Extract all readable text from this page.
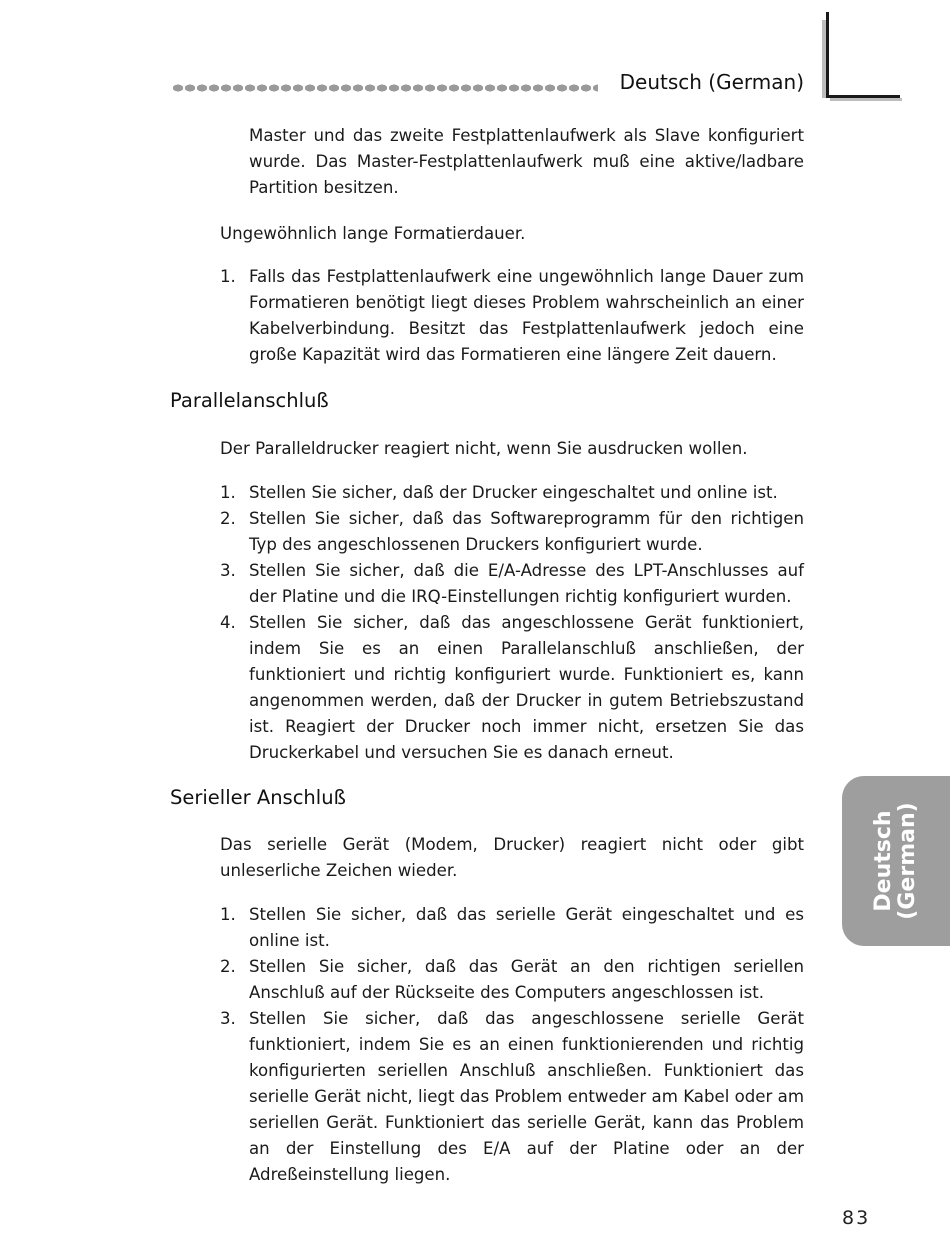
Deutsch (German)
Deutsch (German)
Master und das zweite Festplattenlaufwerk als Slave konfiguriert wurde. Das Master-Festplattenlaufwerk muß eine aktive/ladbare Partition besitzen.
Ungewöhnlich lange Formatierdauer.
1. Falls das Festplattenlaufwerk eine ungewöhnlich lange Dauer zum Formatieren benötigt liegt dieses Problem wahrscheinlich an einer Kabelverbindung. Besitzt das Festplattenlaufwerk jedoch eine große Kapazität wird das Formatieren eine längere Zeit dauern.
Parallelanschluß
Der Paralleldrucker reagiert nicht, wenn Sie ausdrucken wollen.
1. Stellen Sie sicher, daß der Drucker eingeschaltet und online ist.
2. Stellen Sie sicher, daß das Softwareprogramm für den richtigen Typ des angeschlossenen Druckers konfiguriert wurde.
3. Stellen Sie sicher, daß die E/A-Adresse des LPT-Anschlusses auf der Platine und die IRQ-Einstellungen richtig konfiguriert wurden.
4. Stellen Sie sicher, daß das angeschlossene Gerät funktioniert, indem Sie es an einen Parallelanschluß anschließen, der funktioniert und richtig konfiguriert wurde. Funktioniert es, kann angenommen werden, daß der Drucker in gutem Betriebszustand ist. Reagiert der Drucker noch immer nicht, ersetzen Sie das Druckerkabel und versuchen Sie es danach erneut.
Serieller Anschluß
Das serielle Gerät (Modem, Drucker) reagiert nicht oder gibt unleserliche Zeichen wieder.
1. Stellen Sie sicher, daß das serielle Gerät eingeschaltet und es online ist.
2. Stellen Sie sicher, daß das Gerät an den richtigen seriellen Anschluß auf der Rückseite des Computers angeschlossen ist.
3. Stellen Sie sicher, daß das angeschlossene serielle Gerät funktioniert, indem Sie es an einen funktionierenden und richtig konfigurierten seriellen Anschluß anschließen. Funktioniert das serielle Gerät nicht, liegt das Problem entweder am Kabel oder am seriellen Gerät. Funktioniert das serielle Gerät, kann das Problem an der Einstellung des E/A auf der Platine oder an der Adreßeinstellung liegen.
83
